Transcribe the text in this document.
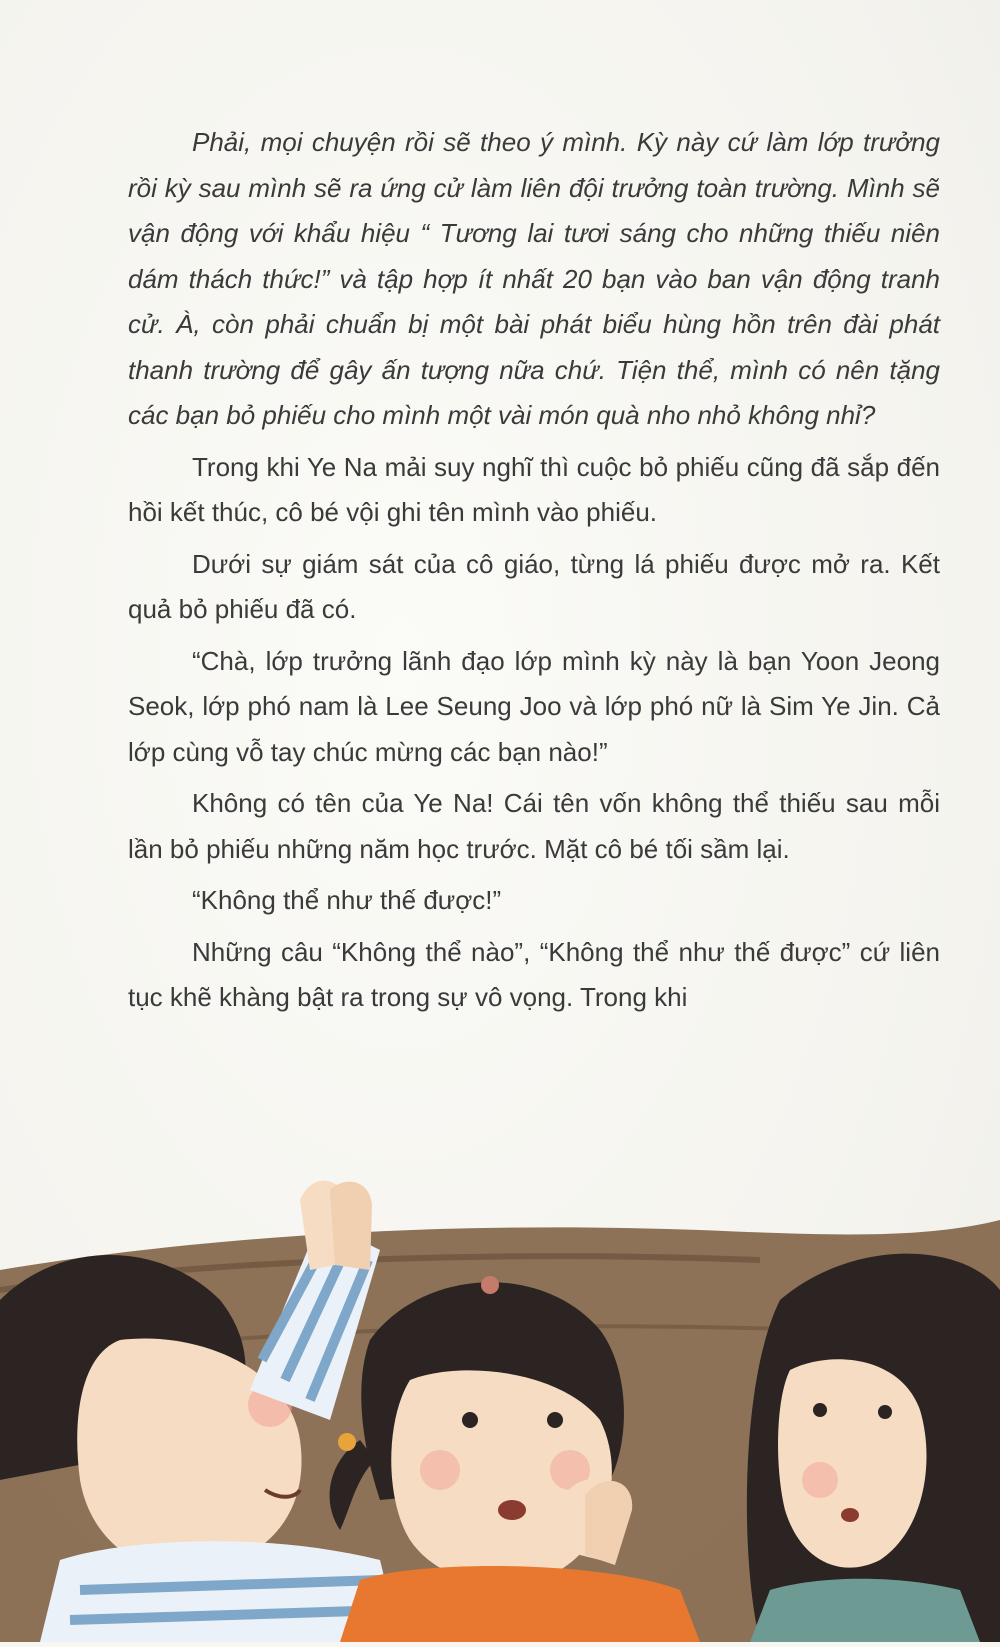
Phải, mọi chuyện rồi sẽ theo ý mình. Kỳ này cứ làm lớp trưởng rồi kỳ sau mình sẽ ra ứng cử làm liên đội trưởng toàn trường. Mình sẽ vận động với khẩu hiệu “ Tương lai tươi sáng cho những thiếu niên dám thách thức!” và tập hợp ít nhất 20 bạn vào ban vận động tranh cử. À, còn phải chuẩn bị một bài phát biểu hùng hồn trên đài phát thanh trường để gây ấn tượng nữa chứ. Tiện thể, mình có nên tặng các bạn bỏ phiếu cho mình một vài món quà nho nhỏ không nhỉ?

Trong khi Ye Na mải suy nghĩ thì cuộc bỏ phiếu cũng đã sắp đến hồi kết thúc, cô bé vội ghi tên mình vào phiếu.

Dưới sự giám sát của cô giáo, từng lá phiếu được mở ra. Kết quả bỏ phiếu đã có.

“Chà, lớp trưởng lãnh đạo lớp mình kỳ này là bạn Yoon Jeong Seok, lớp phó nam là Lee Seung Joo và lớp phó nữ là Sim Ye Jin. Cả lớp cùng vỗ tay chúc mừng các bạn nào!”

Không có tên của Ye Na! Cái tên vốn không thể thiếu sau mỗi lần bỏ phiếu những năm học trước. Mặt cô bé tối sầm lại.

“Không thể như thế được!”

Những câu “Không thể nào”, “Không thể như thế được” cứ liên tục khẽ khàng bật ra trong sự vô vọng. Trong khi
